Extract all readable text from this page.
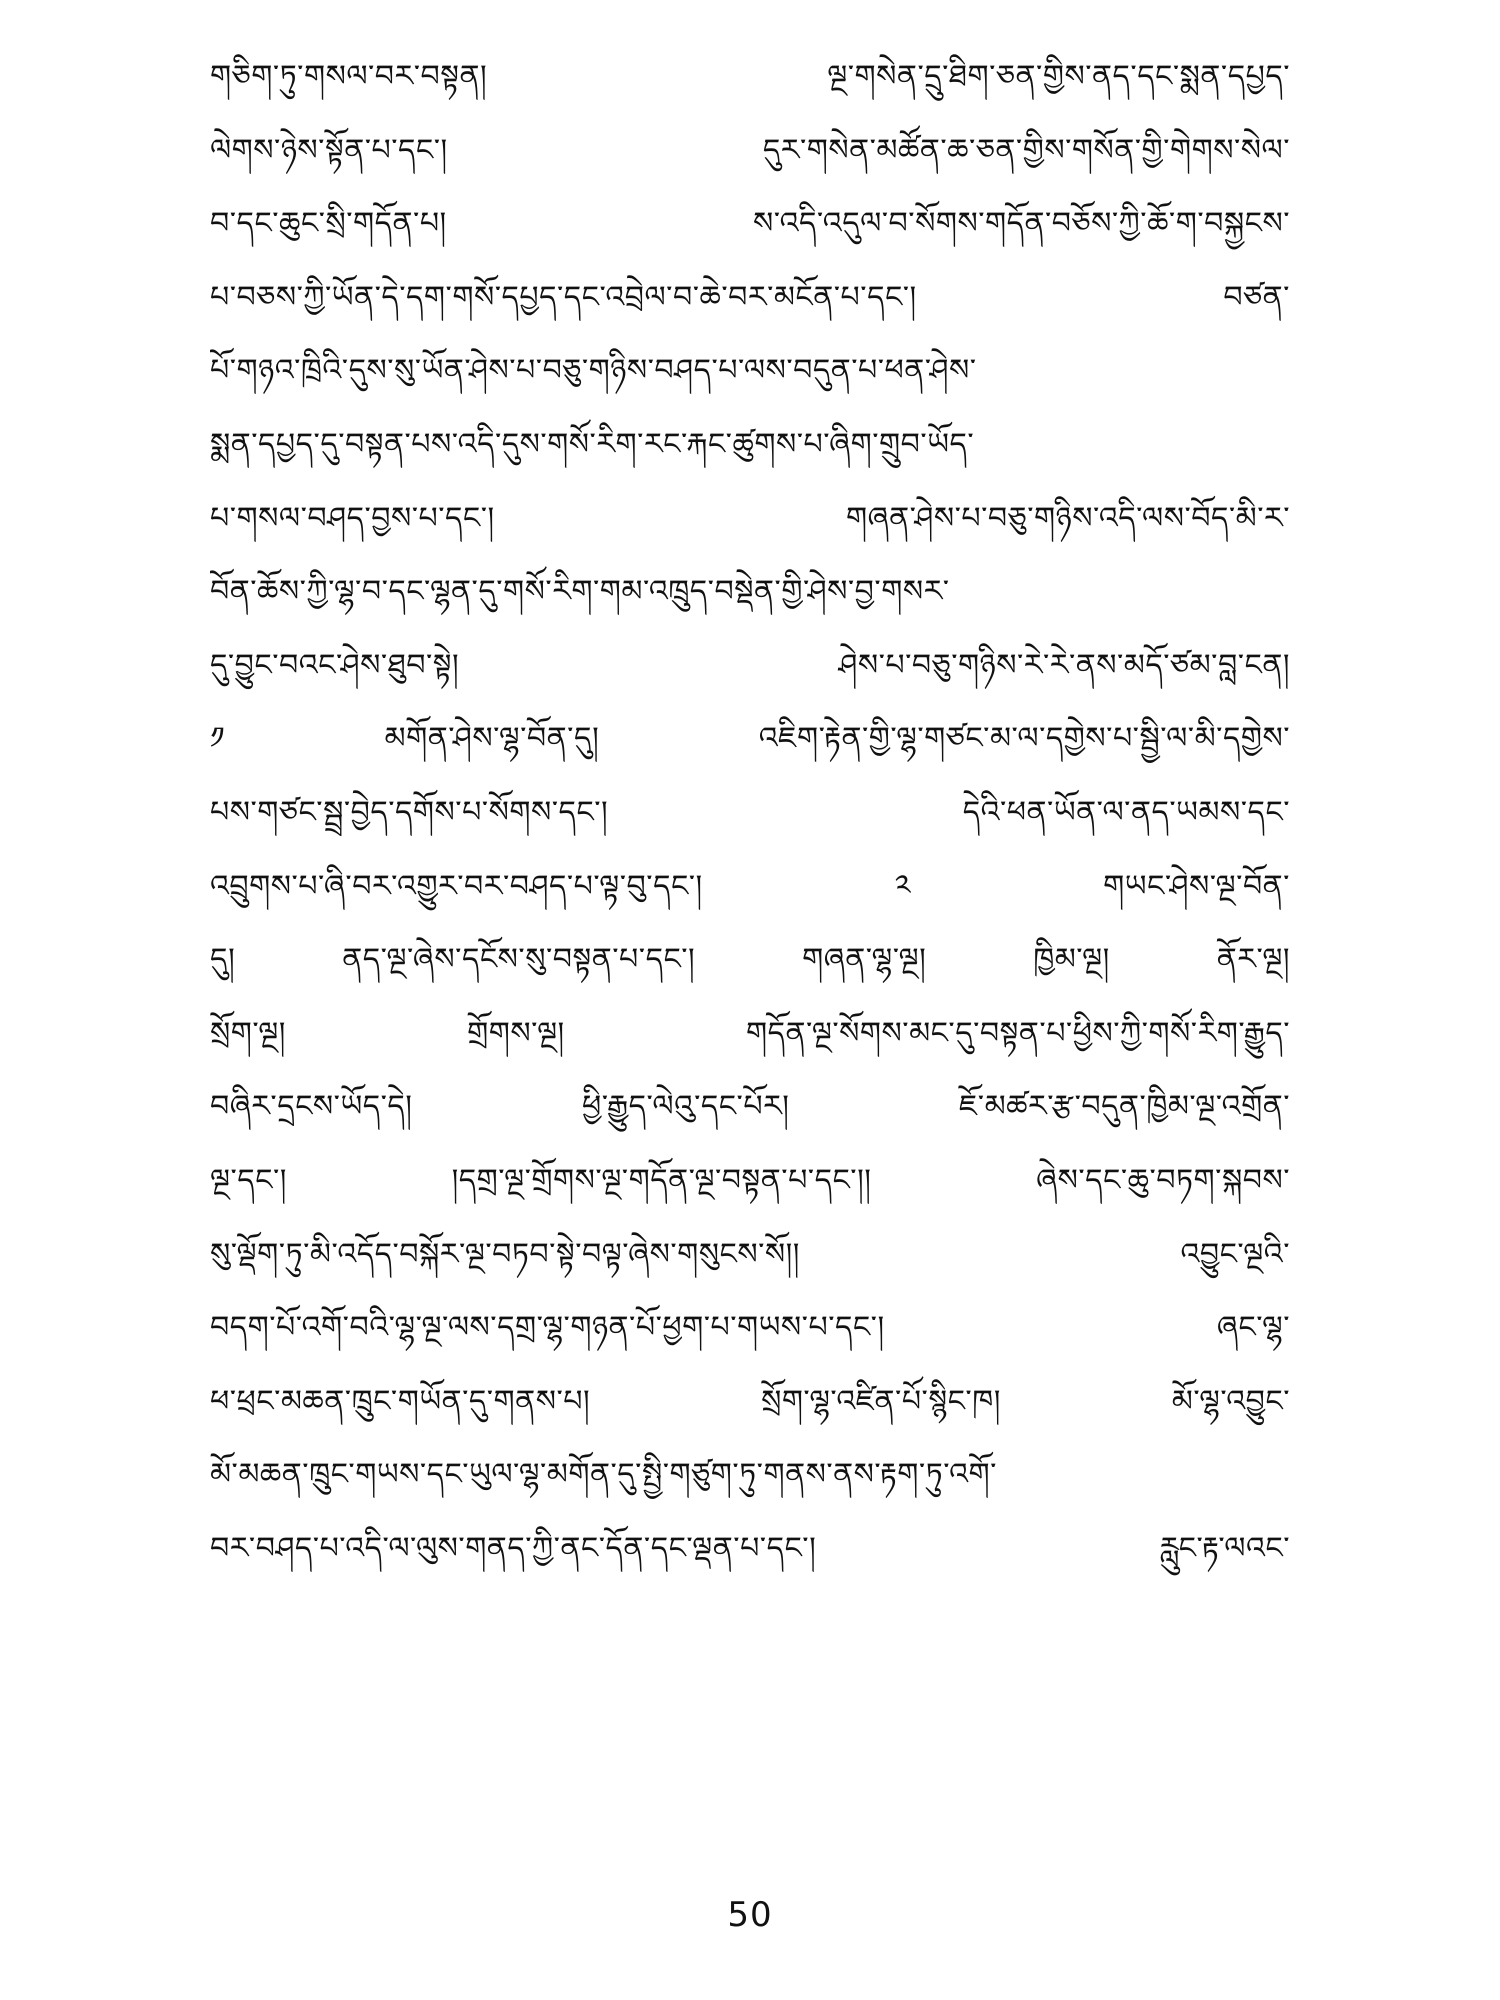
གཅིག་ཏུ་གསལ་བར་བསྟན། ལྔ་གསེན་དྲུ་ཐིག་ཅན་གྱིས་ནད་དང་སྨན་དཔྱད་
ལེགས་ཉེས་སྟོན་པ་དང་། དུར་གསེན་མཚོན་ཆ་ཅན་གྱིས་གསོན་གྱི་གེགས་སེལ་
བ་དང་ཆུང་སྲི་གདོན་པ། ས་འདི་འདུལ་བ་སོགས་གདོན་བཅོས་ཀྱི་ཆོ་ག་བསྐྱངས་
པ་བཅས་ཀྱི་ཡོན་དེ་དག་གསོ་དཔྱད་དང་འབྲེལ་བ་ཆེ་བར་མངོན་པ་དང་། བཙན་
པོ་གཉའ་ཁྲིའི་དུས་སུ་ཡོན་ཤེས་པ་བཅུ་གཉིས་བཤད་པ་ལས་བདུན་པ་ཕན་ཤེས་
སྨན་དཔྱད་དུ་བསྟན་པས་འདི་དུས་གསོ་རིག་རང་རྐང་ཚུགས་པ་ཞིག་གྲུབ་ཡོད་
པ་གསལ་བཤད་བྱས་པ་དང་། གཞན་ཤེས་པ་བཅུ་གཉིས་འདི་ལས་བོད་མི་ར་
བོན་ཆོས་ཀྱི་ལྷ་བ་དང་ལྷན་དུ་གསོ་རིག་གམ་འཁྲུད་བསྡེན་གྱི་ཤེས་བྱ་གསར་
དུ་བྱུང་བའང་ཤེས་ཐུབ་སྟེ། ཤེས་པ་བཅུ་གཉིས་རེ་རེ་ནས་མདོ་ཙམ་བླ་ངན།
༡ མགོན་ཤེས་ལྷ་བོན་དུ། འཇིག་རྟེན་གྱི་ལྷ་གཙང་མ་ལ་དགྱེས་པ་སྦྱི་ལ་མི་དགྱེས་
པས་གཙང་སྦྲ་བྱེད་དགོས་པ་སོགས་དང་། དེའི་ཕན་ཡོན་ལ་ནད་ཡམས་དང་
འབྲུགས་པ་ཞི་བར་འགྱུར་བར་བཤད་པ་ལྟ་བུ་དང་། ༢ གཡང་ཤེས་ལྔ་བོན་
དུ། ནད་ལྔ་ཞེས་དངོས་སུ་བསྟན་པ་དང་། གཞན་ལྷ་ལྔ། ཁྱིམ་ལྔ། ནོར་ལྔ།
སྲོག་ལྔ། གྲོགས་ལྔ། གདོན་ལྔ་སོགས་མང་དུ་བསྟན་པ་ཕྱིས་ཀྱི་གསོ་རིག་རྒྱུད་
བཞིར་དྲངས་ཡོད་དེ། ཕྱི་རྒྱུད་ལེའུ་དང་པོར། ཇོ་མཚར་རྩ་བདུན་ཁྱིམ་ལྔ་འགྲོན་
ལྔ་དང་། །དགྲ་ལྔ་གྲོགས་ལྔ་གདོན་ལྔ་བསྟན་པ་དང་།། ཞེས་དང་ཆུ་བཏག་སྐབས་
སུ་ལྡོག་ཏུ་མི་འདོད་བསྐོར་ལྔ་བཏབ་སྟེ་བལྟ་ཞེས་གསུངས་སོ།། འབྱུང་ལྔའི་
བདག་པོ་འགོ་བའི་ལྷ་ལྔ་ལས་དགྲ་ལྷ་གཉན་པོ་ཕྱག་པ་གཡས་པ་དང་། ཞང་ལྷ་
ཕ་ཕྲང་མཆན་ཁྲུང་གཡོན་དུ་གནས་པ། སྲོག་ལྷ་འཛིན་པོ་སྙིང་ཁ། མོ་ལྷ་འབྱུང་
མོ་མཆན་ཁྲུང་གཡས་དང་ཡུལ་ལྷ་མགོན་དུ་སྤྱི་གཙུག་ཏུ་གནས་ནས་རྟག་ཏུ་འགོ་
བར་བཤད་པ་འདི་ལ་ལུས་གནད་ཀྱི་ནང་དོན་དང་ལྡན་པ་དང་། རླུང་རྟ་ལའང་
50
